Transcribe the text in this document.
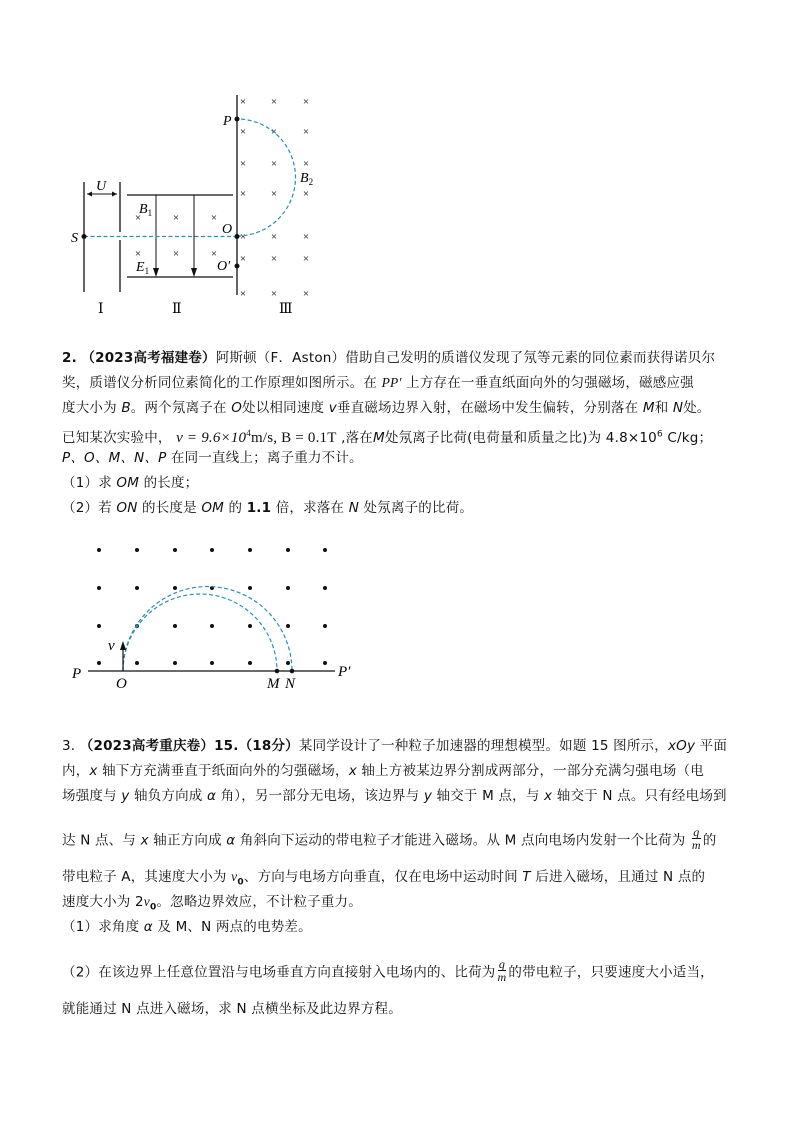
U
$B_1$
$E_1$
×	×	×
×	×	×
× × ×
× × ×
× × ×
× × ×
× × ×
× × ×
× × ×
S
P
O
O′
$B_2$
Ⅰ	Ⅱ	Ⅲ
2. （2023高考福建卷）阿斯顿（F．Aston）借助自己发明的质谱仪发现了氖等元素的同位素而获得诺贝尔
奖，质谱仪分析同位素简化的工作原理如图所示。在 PP′ 上方存在一垂直纸面向外的匀强磁场，磁感应强
度大小为 B。两个氖离子在 O处以相同速度 v垂直磁场边界入射，在磁场中发生偏转，分别落在 M和 N处。
已知某次实验中， $v = 9.6\times 10^4m/s$, B = 0.1T ,落在M处氖离子比荷(电荷量和质量之比)为 $4.8\times 10^6$ C/kg；
P、O、M、N、P 在同一直线上；离子重力不计。
（1）求 OM 的长度；
（2）若 ON 的长度是 OM 的 1.1 倍，求落在 N 处氖离子的比荷。
P	P′
O	M N
v
3. （2023高考重庆卷）15.（18分）某同学设计了一种粒子加速器的理想模型。如题 15 图所示，xOy 平面
内，x 轴下方充满垂直于纸面向外的匀强磁场，x 轴上方被某边界分割成两部分，一部分充满匀强电场（电
场强度与 y 轴负方向成 α 角），另一部分无电场，该边界与 y 轴交于 M 点，与 x 轴交于 N 点。只有经电场到
达 N 点、与 x 轴正方向成 α 角斜向下运动的带电粒子才能进入磁场。从 M 点向电场内发射一个比荷为 $\frac{q}{m}$ 的
带电粒子 A，其速度大小为 $v_0$、方向与电场方向垂直，仅在电场中运动时间 T 后进入磁场，且通过 N 点的
速度大小为 $2v_0$。忽略边界效应，不计粒子重力。
（1）求角度 α 及 M、N 两点的电势差。
（2）在该边界上任意位置沿与电场垂直方向直接射入电场内的、比荷为 $\frac{q}{m}$ 的带电粒子，只要速度大小适当，
就能通过 N 点进入磁场，求 N 点横坐标及此边界方程。
